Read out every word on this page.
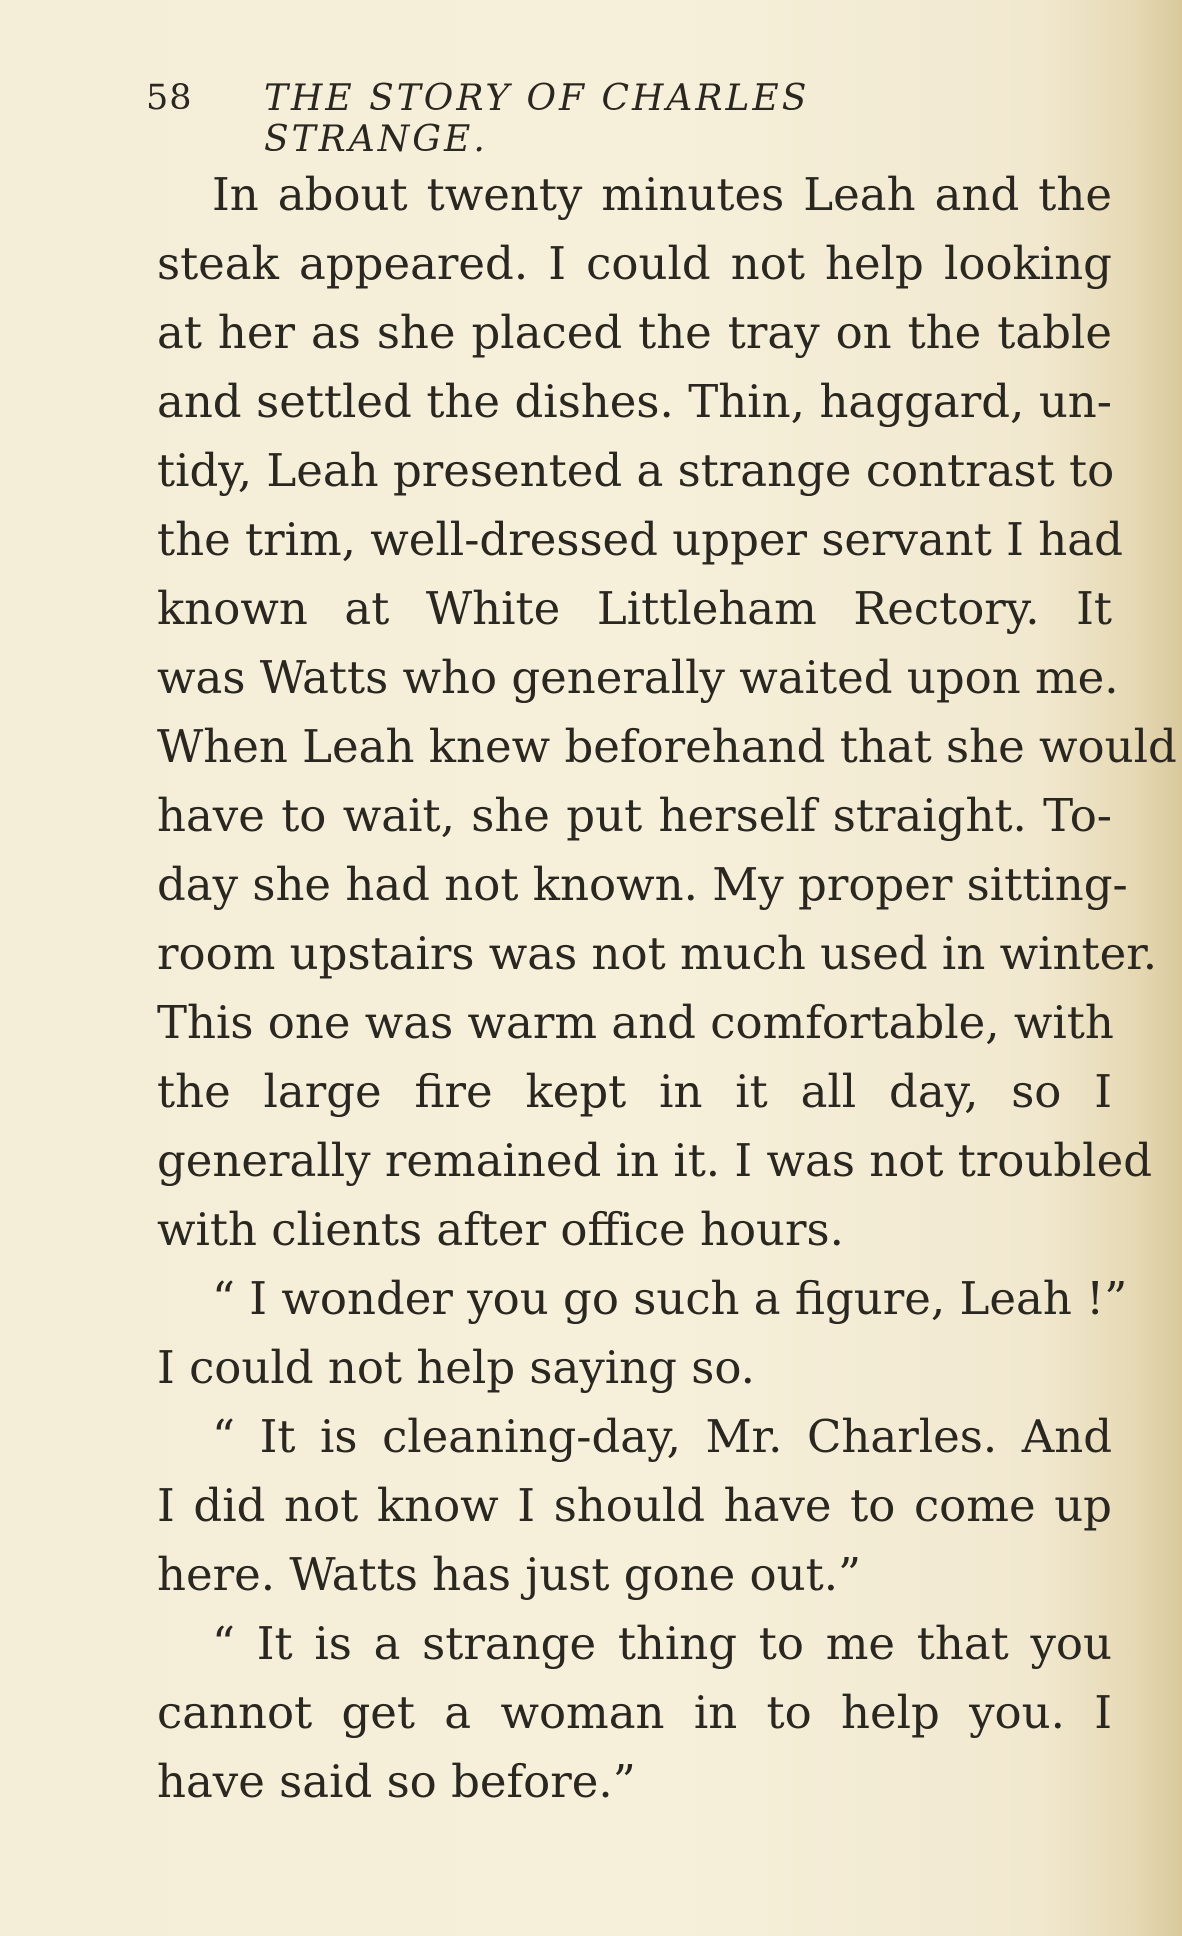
58 THE STORY OF CHARLES STRANGE.
In about twenty minutes Leah and the
steak appeared. I could not help looking
at her as she placed the tray on the table
and settled the dishes. Thin, haggard, un-
tidy, Leah presented a strange contrast to
the trim, well-dressed upper servant I had
known at White Littleham Rectory. It
was Watts who generally waited upon me.
When Leah knew beforehand that she would
have to wait, she put herself straight. To-
day she had not known. My proper sitting-
room upstairs was not much used in winter.
This one was warm and comfortable, with
the large fire kept in it all day, so I
generally remained in it. I was not troubled
with clients after office hours.
“ I wonder you go such a figure, Leah !”
I could not help saying so.
“ It is cleaning-day, Mr. Charles. And
I did not know I should have to come up
here. Watts has just gone out.”
“ It is a strange thing to me that you
cannot get a woman in to help you. I
have said so before.”
